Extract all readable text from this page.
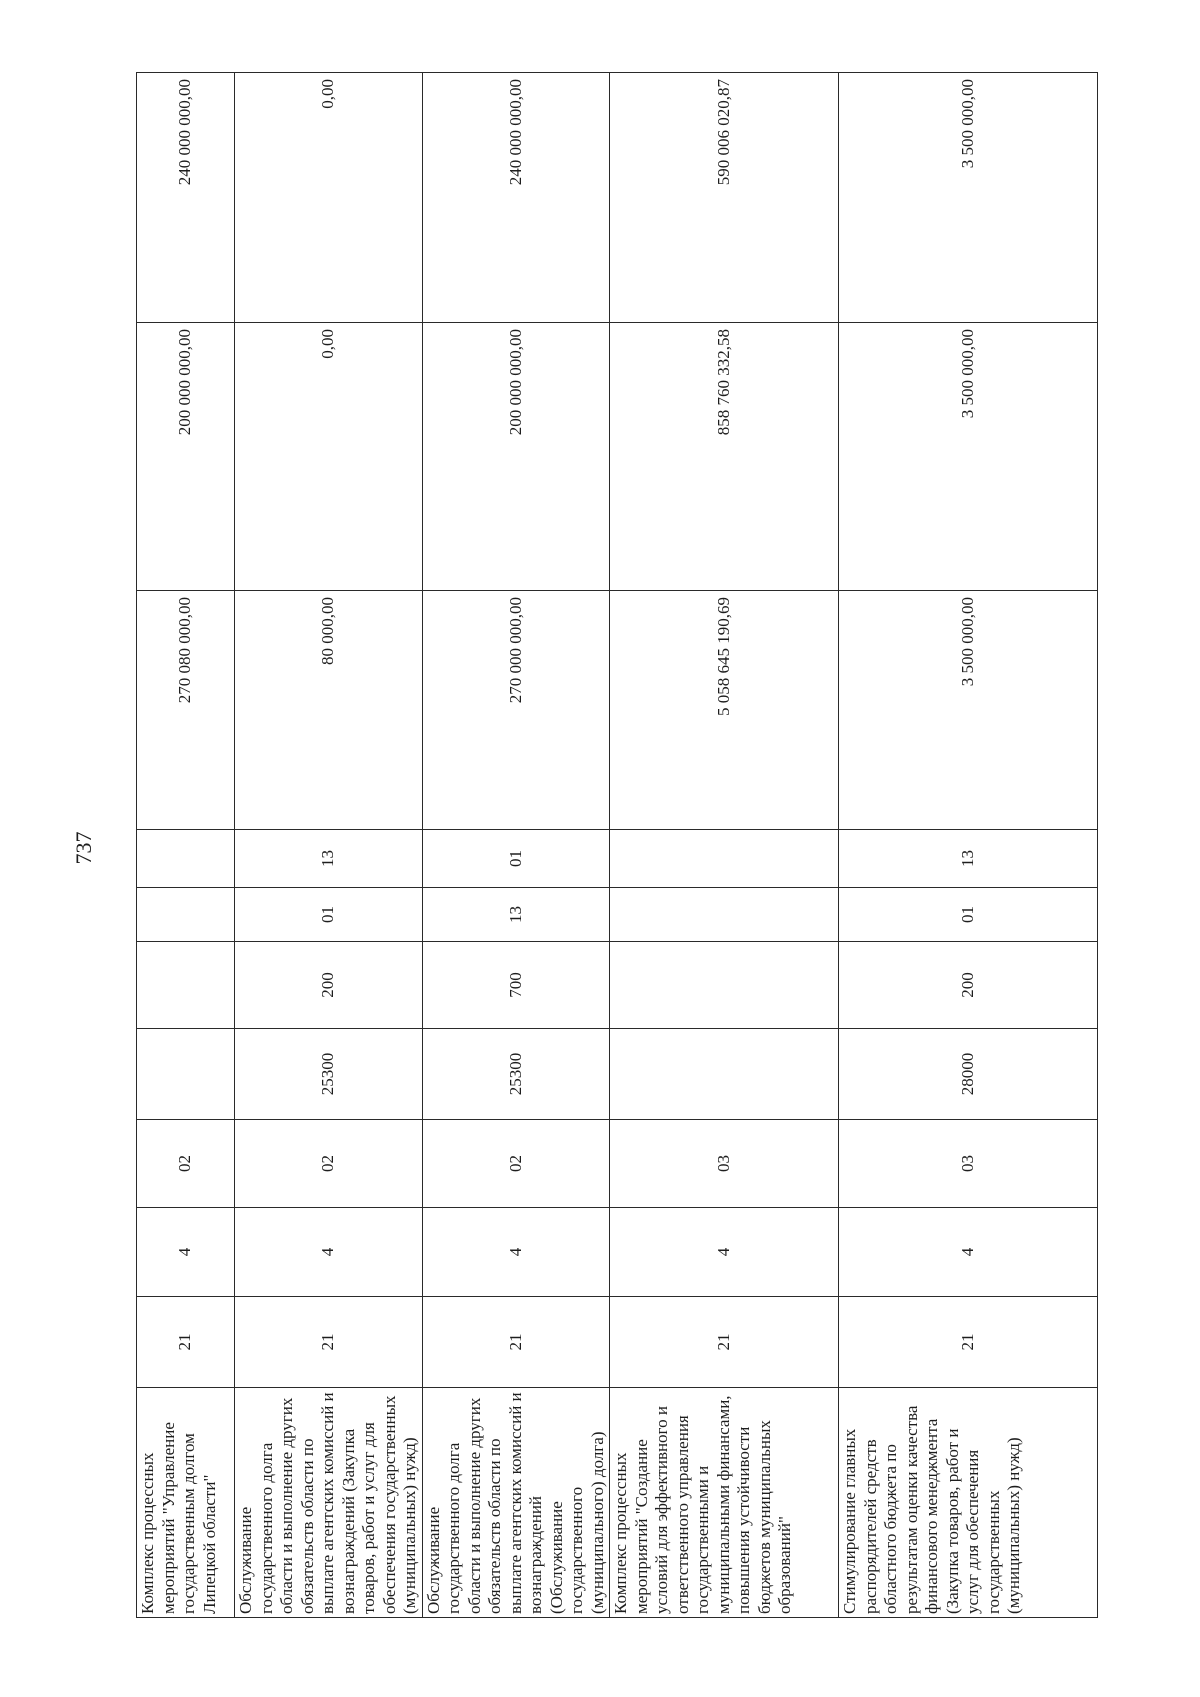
737
Комплекс процессных мероприятий "Управление государственным долгом Липецкой области"	21	4	02					270 080 000,00	200 000 000,00	240 000 000,00
Обслуживание государственного долга области и выполнение других обязательств области по выплате агентских комиссий и вознаграждений (Закупка товаров, работ и услуг для обеспечения государственных (муниципальных) нужд)	21	4	02	25300	200	01	13	80 000,00	0,00	0,00
Обслуживание государственного долга области и выполнение других обязательств области по выплате агентских комиссий и вознаграждений (Обслуживание государственного (муниципального) долга)	21	4	02	25300	700	13	01	270 000 000,00	200 000 000,00	240 000 000,00
Комплекс процессных мероприятий "Создание условий для эффективного и ответственного управления государственными и муниципальными финансами, повышения устойчивости бюджетов муниципальных образований"	21	4	03					5 058 645 190,69	858 760 332,58	590 006 020,87
Стимулирование главных распорядителей средств областного бюджета по результатам оценки качества финансового менеджмента (Закупка товаров, работ и услуг для обеспечения государственных (муниципальных) нужд)	21	4	03	28000	200	01	13	3 500 000,00	3 500 000,00	3 500 000,00
